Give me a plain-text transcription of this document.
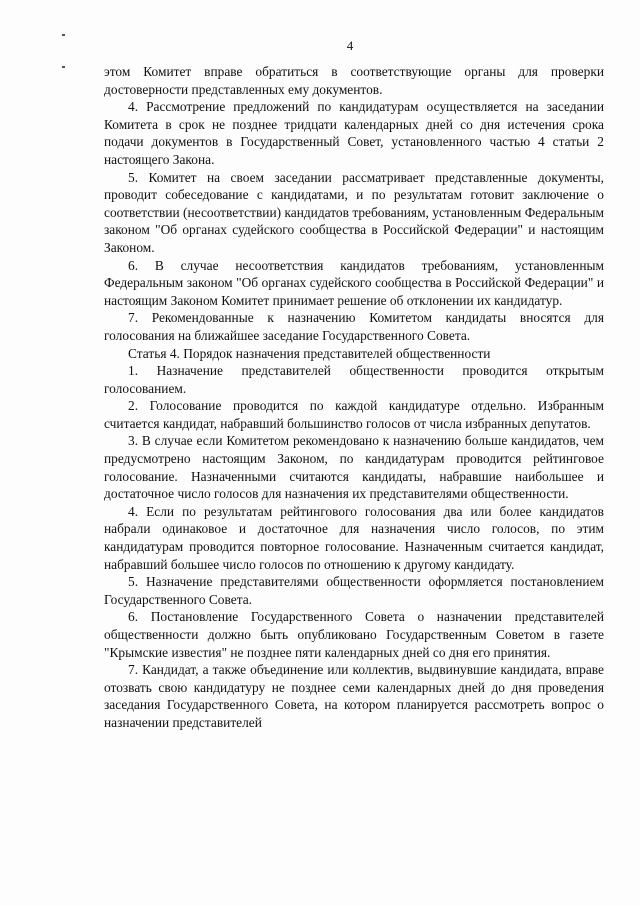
4

этом Комитет вправе обратиться в соответствующие органы для проверки достоверности представленных ему документов.

4. Рассмотрение предложений по кандидатурам осуществляется на заседании Комитета в срок не позднее тридцати календарных дней со дня истечения срока подачи документов в Государственный Совет, установленного частью 4 статьи 2 настоящего Закона.

5. Комитет на своем заседании рассматривает представленные документы, проводит собеседование с кандидатами, и по результатам готовит заключение о соответствии (несоответствии) кандидатов требованиям, установленным Федеральным законом "Об органах судейского сообщества в Российской Федерации" и настоящим Законом.

6. В случае несоответствия кандидатов требованиям, установленным Федеральным законом "Об органах судейского сообщества в Российской Федерации" и настоящим Законом Комитет принимает решение об отклонении их кандидатур.

7. Рекомендованные к назначению Комитетом кандидаты вносятся для голосования на ближайшее заседание Государственного Совета.

Статья 4. Порядок назначения представителей общественности

1. Назначение представителей общественности проводится открытым голосованием.

2. Голосование проводится по каждой кандидатуре отдельно. Избранным считается кандидат, набравший большинство голосов от числа избранных депутатов.

3. В случае если Комитетом рекомендовано к назначению больше кандидатов, чем предусмотрено настоящим Законом, по кандидатурам проводится рейтинговое голосование. Назначенными считаются кандидаты, набравшие наибольшее и достаточное число голосов для назначения их представителями общественности.

4. Если по результатам рейтингового голосования два или более кандидатов набрали одинаковое и достаточное для назначения число голосов, по этим кандидатурам проводится повторное голосование. Назначенным считается кандидат, набравший большее число голосов по отношению к другому кандидату.

5. Назначение представителями общественности оформляется постановлением Государственного Совета.

6. Постановление Государственного Совета о назначении представителей общественности должно быть опубликовано Государственным Советом в газете "Крымские известия" не позднее пяти календарных дней со дня его принятия.

7. Кандидат, а также объединение или коллектив, выдвинувшие кандидата, вправе отозвать свою кандидатуру не позднее семи календарных дней до дня проведения заседания Государственного Совета, на котором планируется рассмотреть вопрос о назначении представителей
